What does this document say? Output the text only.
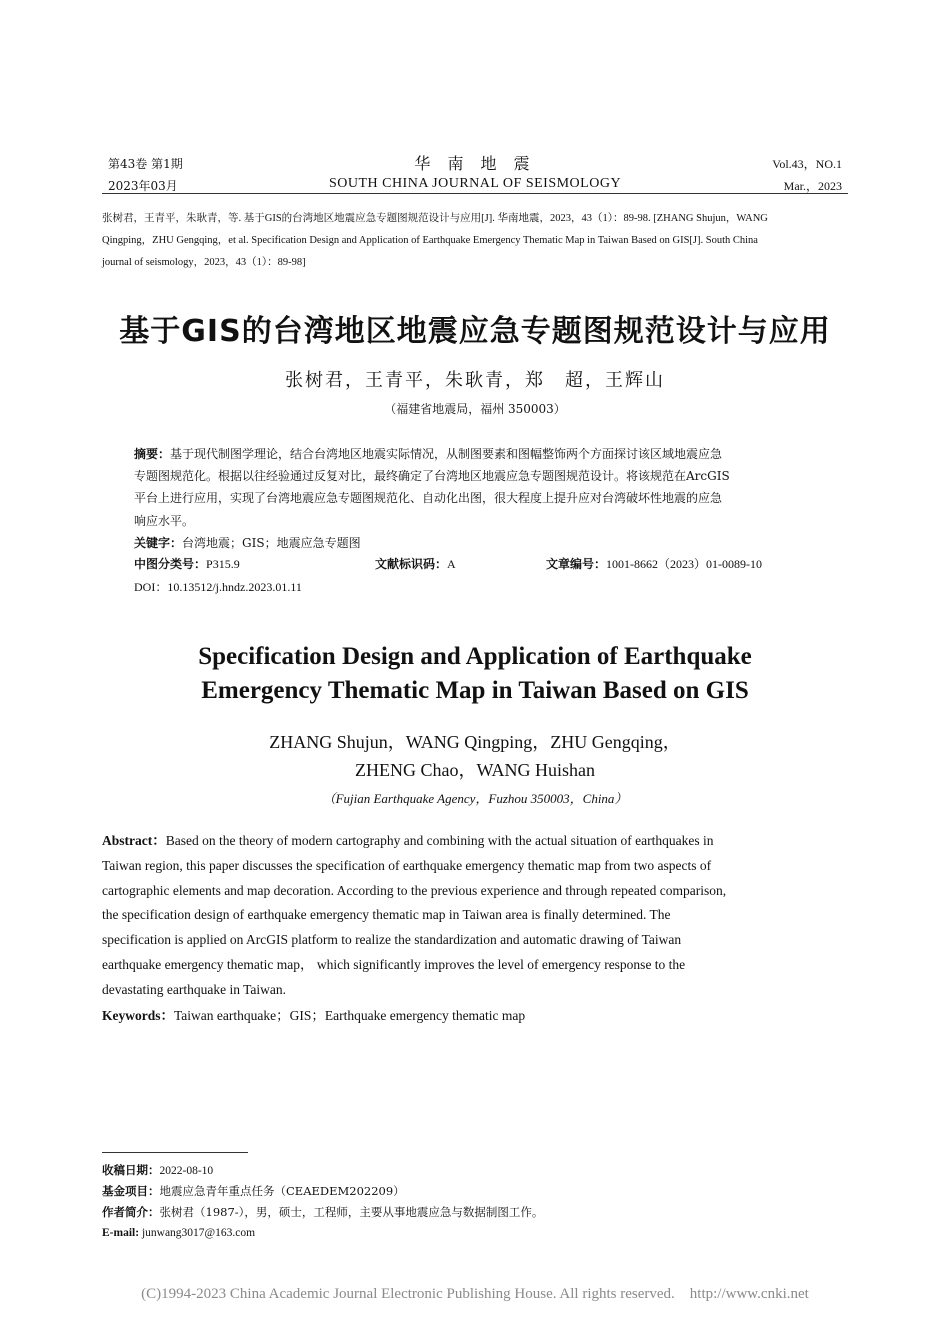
第43卷 第1期
2023年03月
华 南 地 震
SOUTH CHINA JOURNAL OF SEISMOLOGY
Vol.43，NO.1
Mar.，2023
张树君，王青平，朱耿青，等. 基于GIS的台湾地区地震应急专题图规范设计与应用[J]. 华南地震，2023，43（1）：89-98. [ZHANG Shujun，WANG
Qingping，ZHU Gengqing，et al. Specification Design and Application of Earthquake Emergency Thematic Map in Taiwan Based on GIS[J]. South China
journal of seismology，2023，43（1）：89-98]
基于GIS的台湾地区地震应急专题图规范设计与应用
张树君，王青平，朱耿青，郑　超，王辉山
（福建省地震局，福州 350003）
摘要：基于现代制图学理论，结合台湾地区地震实际情况，从制图要素和图幅整饰两个方面探讨该区域地震应急
专题图规范化。根据以往经验通过反复对比，最终确定了台湾地区地震应急专题图规范设计。将该规范在ArcGIS
平台上进行应用，实现了台湾地震应急专题图规范化、自动化出图，很大程度上提升应对台湾破坏性地震的应急
响应水平。
关键字：台湾地震；GIS；地震应急专题图
中图分类号：P315.9	文献标识码：A	文章编号：1001-8662（2023）01-0089-10
DOI：10.13512/j.hndz.2023.01.11
Specification Design and Application of Earthquake
Emergency Thematic Map in Taiwan Based on GIS
ZHANG Shujun，WANG Qingping，ZHU Gengqing，
ZHENG Chao，WANG Huishan
（Fujian Earthquake Agency，Fuzhou 350003，China）
Abstract：Based on the theory of modern cartography and combining with the actual situation of earthquakes in
Taiwan region, this paper discusses the specification of earthquake emergency thematic map from two aspects of
cartographic elements and map decoration. According to the previous experience and through repeated comparison,
the specification design of earthquake emergency thematic map in Taiwan area is finally determined. The
specification is applied on ArcGIS platform to realize the standardization and automatic drawing of Taiwan
earthquake emergency thematic map， which significantly improves the level of emergency response to the
devastating earthquake in Taiwan.
Keywords：Taiwan earthquake；GIS；Earthquake emergency thematic map
收稿日期：2022-08-10
基金项目：地震应急青年重点任务（CEAEDEM202209）
作者简介：张树君（1987-），男，硕士，工程师，主要从事地震应急与数据制图工作。
E-mail: junwang3017@163.com
(C)1994-2023 China Academic Journal Electronic Publishing House. All rights reserved.    http://www.cnki.net
